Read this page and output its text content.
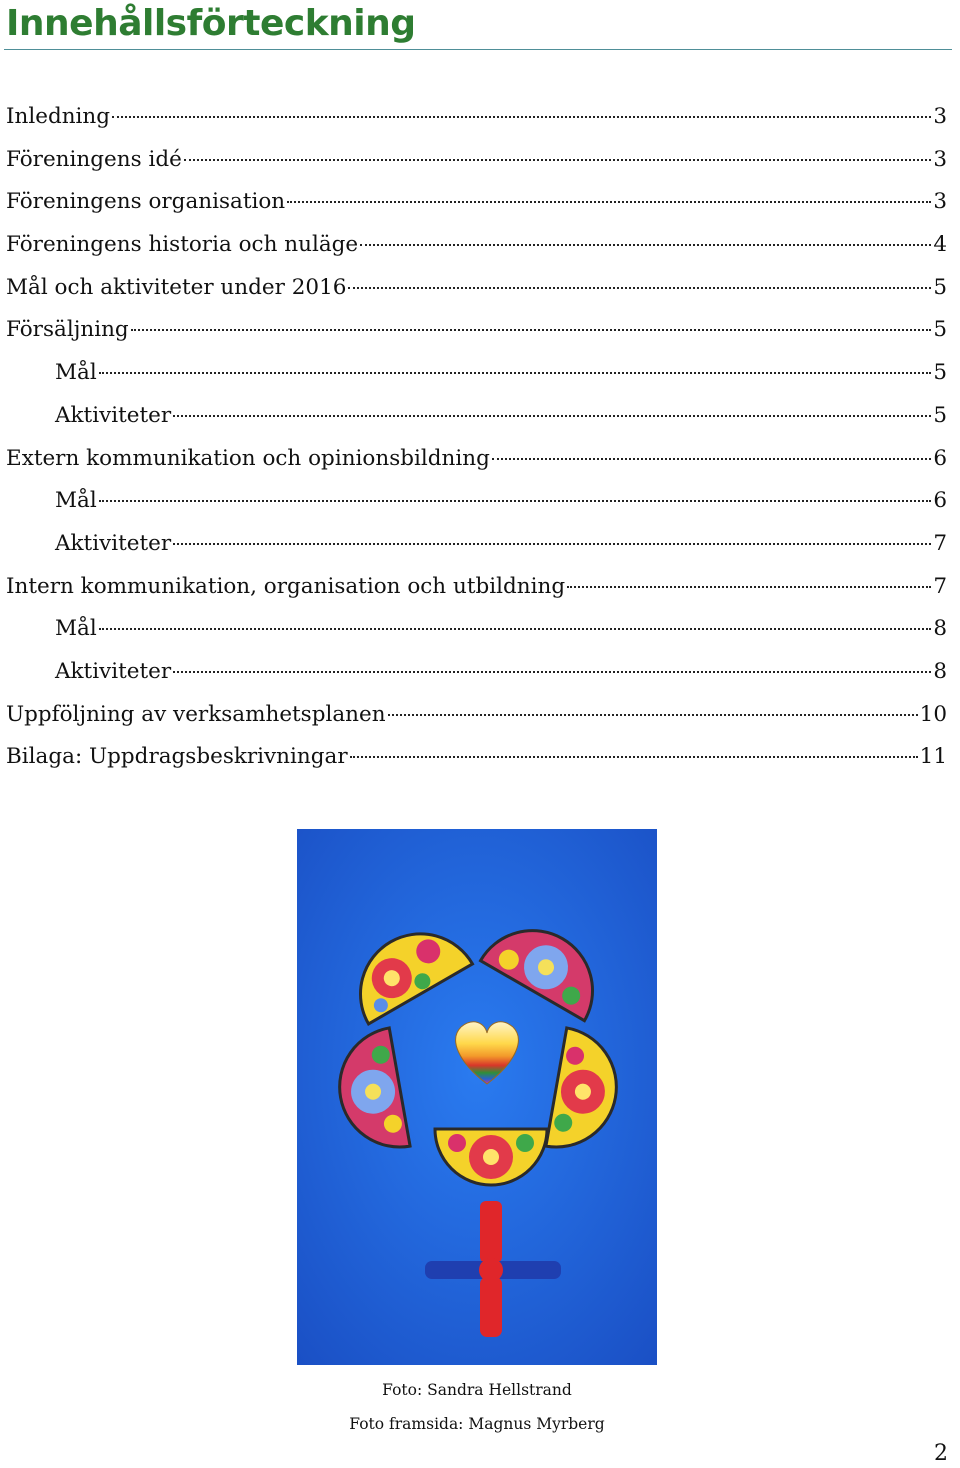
Innehållsförteckning
Inledning	3
Föreningens idé	3
Föreningens organisation	3
Föreningens historia och nuläge	4
Mål och aktiviteter under 2016	5
Försäljning	5
Mål	5
Aktiviteter	5
Extern kommunikation och opinionsbildning	6
Mål	6
Aktiviteter	7
Intern kommunikation, organisation och utbildning	7
Mål	8
Aktiviteter	8
Uppföljning av verksamhetsplanen	10
Bilaga: Uppdragsbeskrivningar	11
Foto: Sandra Hellstrand
Foto framsida: Magnus Myrberg
2
